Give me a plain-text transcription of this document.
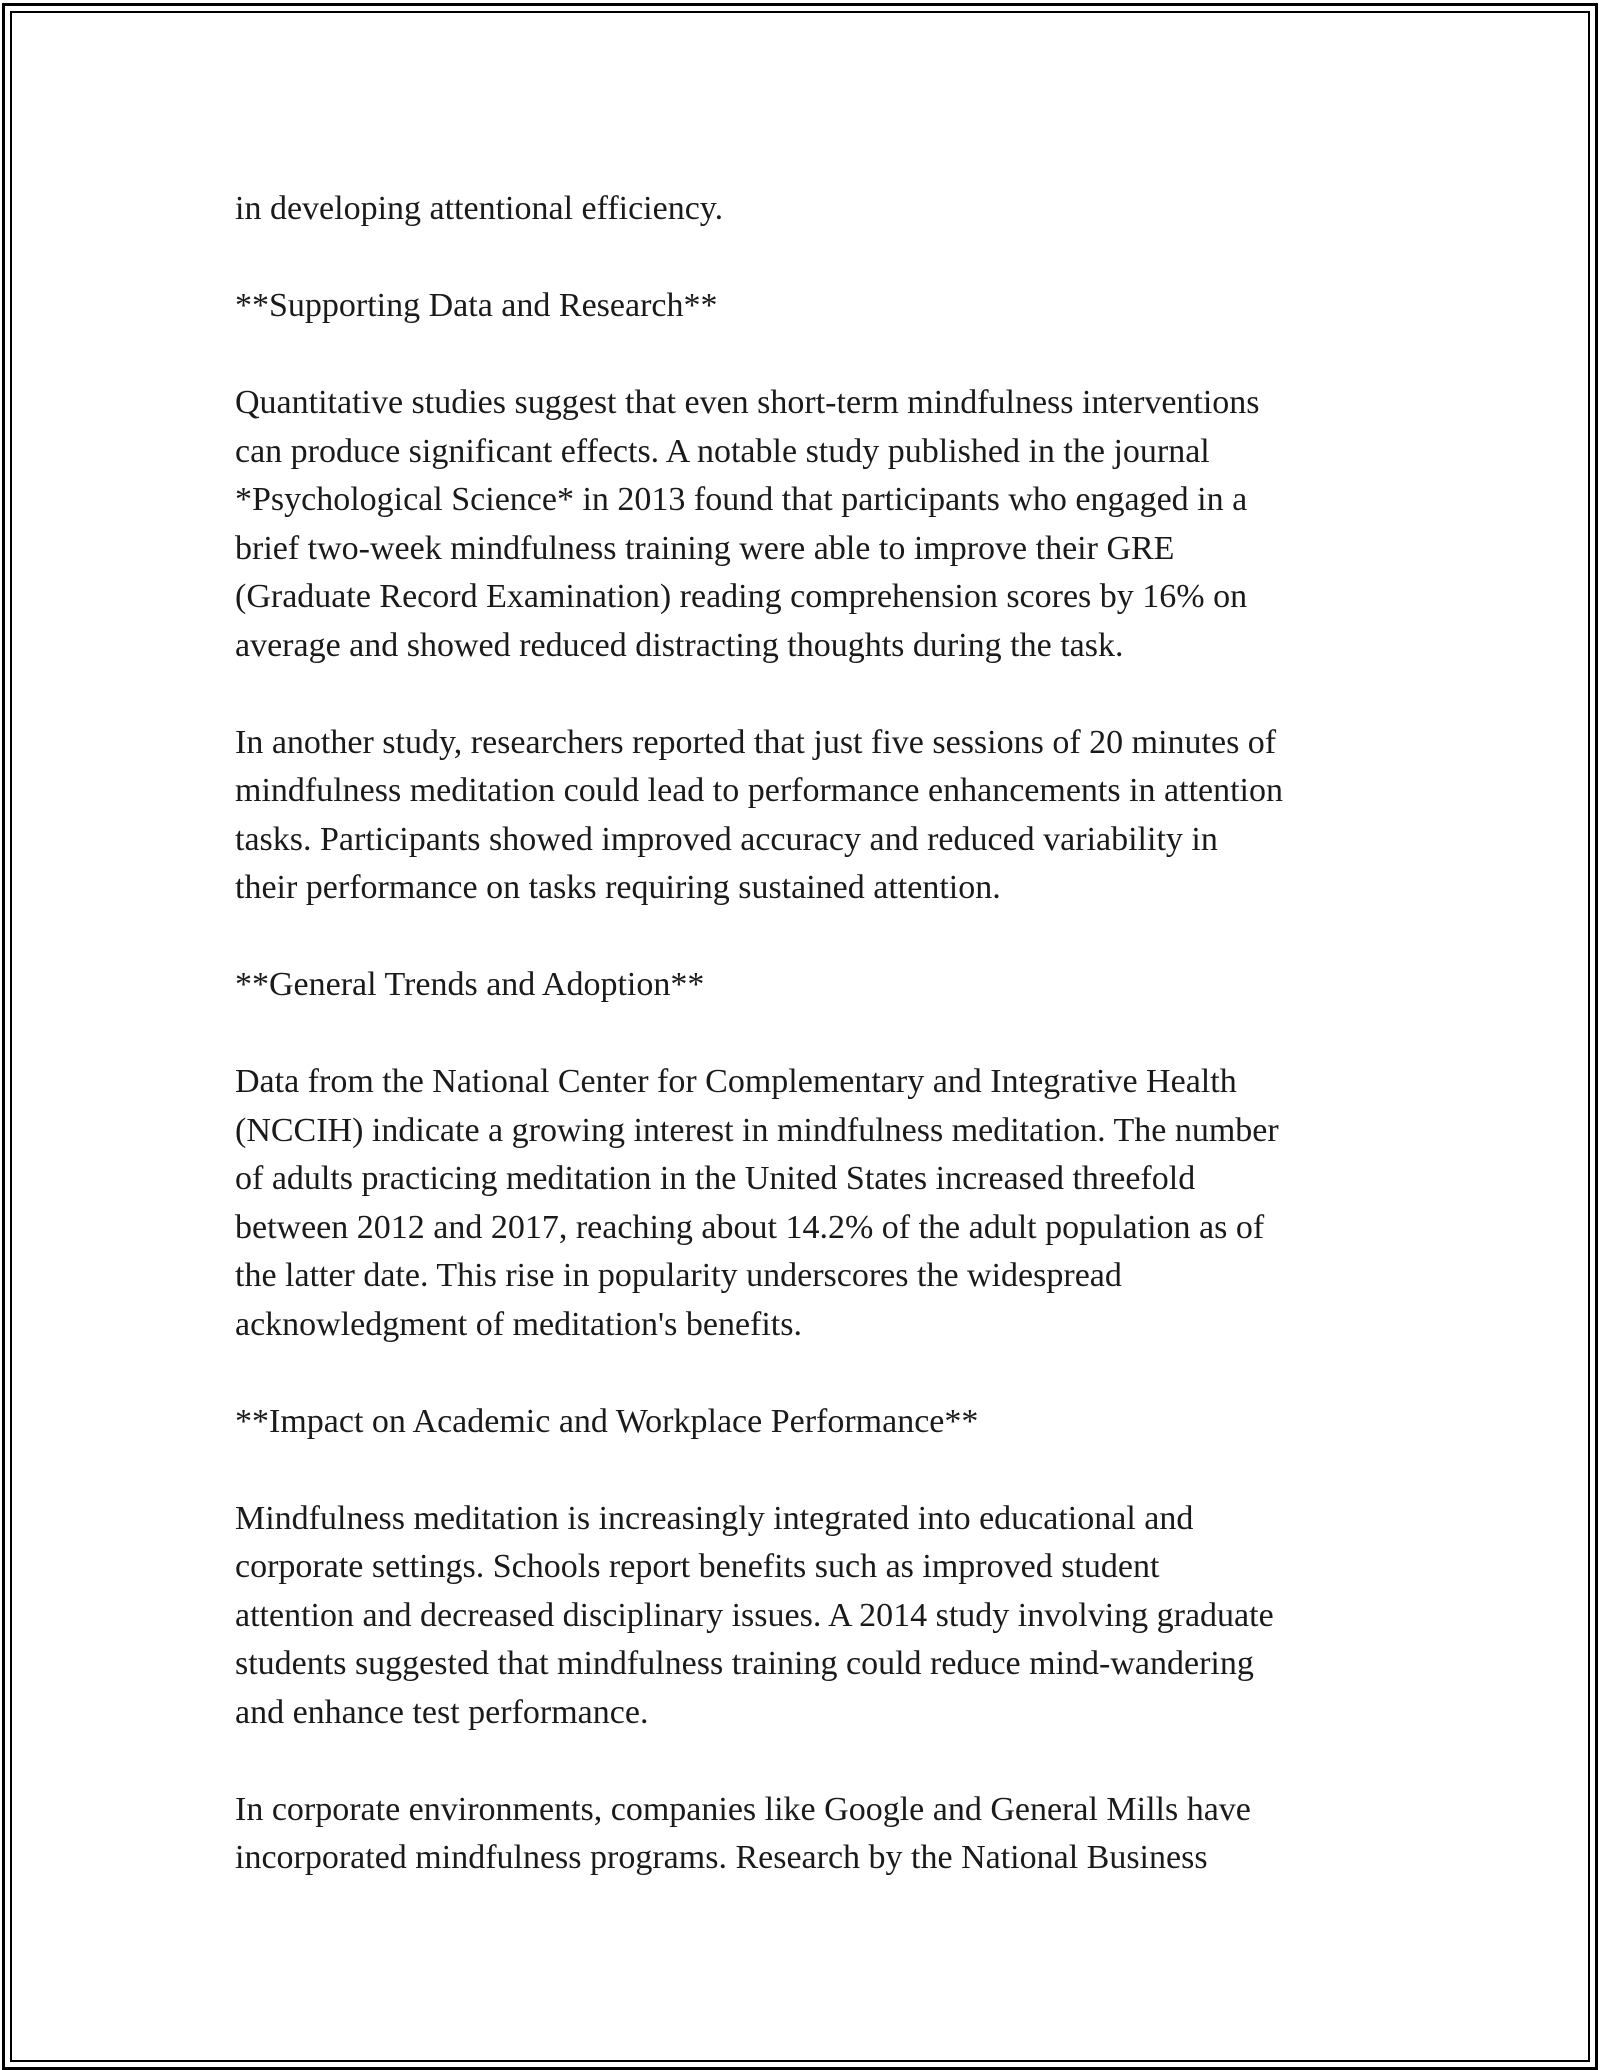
in developing attentional efficiency.
**Supporting Data and Research**
Quantitative studies suggest that even short-term mindfulness interventions
can produce significant effects. A notable study published in the journal
*Psychological Science* in 2013 found that participants who engaged in a
brief two-week mindfulness training were able to improve their GRE
(Graduate Record Examination) reading comprehension scores by 16% on
average and showed reduced distracting thoughts during the task.
In another study, researchers reported that just five sessions of 20 minutes of
mindfulness meditation could lead to performance enhancements in attention
tasks. Participants showed improved accuracy and reduced variability in
their performance on tasks requiring sustained attention.
**General Trends and Adoption**
Data from the National Center for Complementary and Integrative Health
(NCCIH) indicate a growing interest in mindfulness meditation. The number
of adults practicing meditation in the United States increased threefold
between 2012 and 2017, reaching about 14.2% of the adult population as of
the latter date. This rise in popularity underscores the widespread
acknowledgment of meditation's benefits.
**Impact on Academic and Workplace Performance**
Mindfulness meditation is increasingly integrated into educational and
corporate settings. Schools report benefits such as improved student
attention and decreased disciplinary issues. A 2014 study involving graduate
students suggested that mindfulness training could reduce mind-wandering
and enhance test performance.
In corporate environments, companies like Google and General Mills have
incorporated mindfulness programs. Research by the National Business
